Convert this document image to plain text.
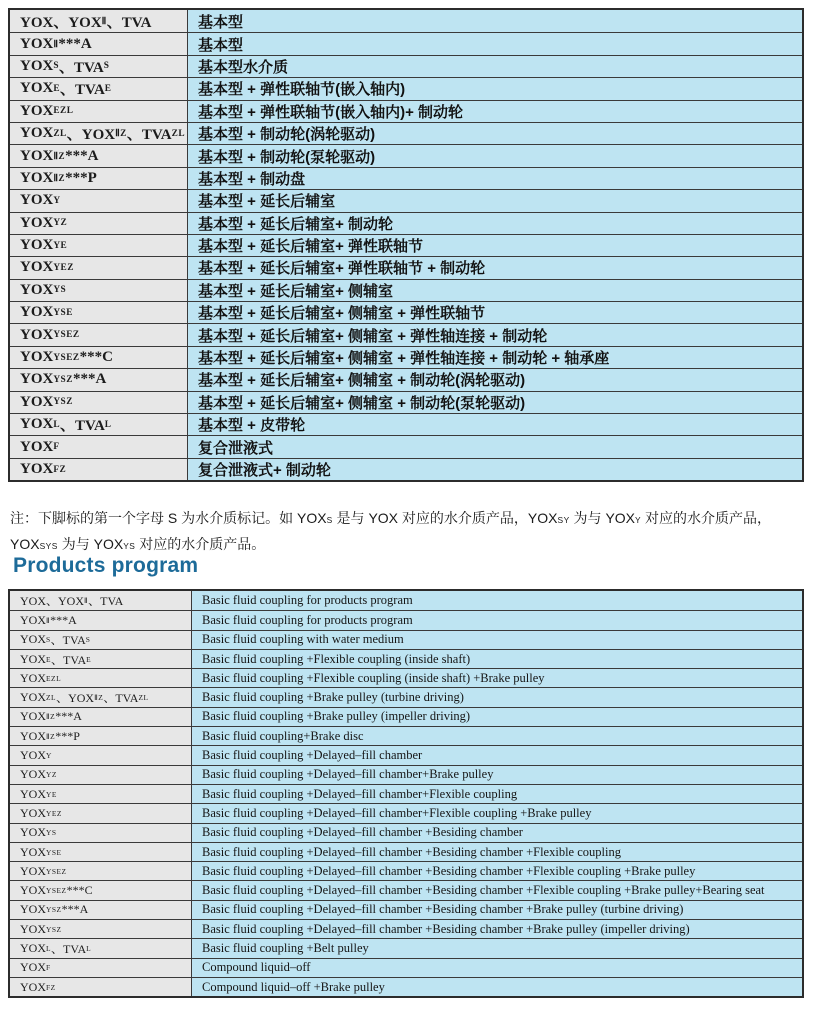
YOX、YOX Ⅱ 、TVA	基本型
YOX Ⅱ ***A	基本型
YOX S 、TVA S	基本型水介质
YOX E 、TVA E	基本型 + 弹性联轴节(嵌入轴内)
YOX EZL	基本型 + 弹性联轴节(嵌入轴内)+ 制动轮
YOX ZL 、YOX ⅡZ 、TVA ZL 基本型 + 制动轮(涡轮驱动)
YOX ⅡZ ***A	基本型 + 制动轮(泵轮驱动)
YOX ⅡZ ***P	基本型 + 制动盘
YOX Y	基本型 + 延长后辅室
YOX YZ	基本型 + 延长后辅室+ 制动轮
YOX YE	基本型 + 延长后辅室+ 弹性联轴节
YOX YEZ	基本型 + 延长后辅室+ 弹性联轴节 + 制动轮
YOX YS	基本型 + 延长后辅室+ 侧辅室
YOX YSE	基本型 + 延长后辅室+ 侧辅室 + 弹性联轴节
YOX YSEZ	基本型 + 延长后辅室+ 侧辅室 + 弹性轴连接 + 制动轮
YOX YSEZ ***C	基本型 + 延长后辅室+ 侧辅室 + 弹性轴连接 + 制动轮 + 轴承座
YOX YSZ ***A	基本型 + 延长后辅室+ 侧辅室 + 制动轮(涡轮驱动)
YOX YSZ	基本型 + 延长后辅室+ 侧辅室 + 制动轮(泵轮驱动)
YOX L 、TVA L	基本型 + 皮带轮
YOX F	复合泄液式
YOX FZ	复合泄液式+ 制动轮
注：下脚标的第一个字母 S 为水介质标记。如 YOXS 是与 YOX 对应的水介质产品，YOXSY 为与 YOXY 对应的水介质产品，
YOXSYS 为与 YOXYS 对应的水介质产品。
Products program
YOX、YOX Ⅱ 、TVA	Basic fluid coupling for products program
YOX Ⅱ ***A	Basic fluid coupling for products program
YOX S 、TVA S	Basic fluid coupling with water medium
YOX E 、TVA E	Basic fluid coupling +Flexible coupling (inside shaft)
YOX EZL	Basic fluid coupling +Flexible coupling (inside shaft) +Brake pulley
YOX ZL 、YOX ⅡZ 、TVA ZL	Basic fluid coupling +Brake pulley (turbine driving)
YOX ⅡZ ***A	Basic fluid coupling +Brake pulley (impeller driving)
YOX ⅡZ ***P	Basic fluid coupling+Brake disc
YOX Y	Basic fluid coupling +Delayed–fill chamber
YOX YZ	Basic fluid coupling +Delayed–fill chamber+Brake pulley
YOX YE	Basic fluid coupling +Delayed–fill chamber+Flexible coupling
YOX YEZ	Basic fluid coupling +Delayed–fill chamber+Flexible coupling +Brake pulley
YOX YS	Basic fluid coupling +Delayed–fill chamber +Besiding chamber
YOX YSE	Basic fluid coupling +Delayed–fill chamber +Besiding chamber +Flexible coupling
YOX YSEZ	Basic fluid coupling +Delayed–fill chamber +Besiding chamber +Flexible coupling +Brake pulley
YOX YSEZ ***C	Basic fluid coupling +Delayed–fill chamber +Besiding chamber +Flexible coupling +Brake pulley+Bearing seat
YOX YSZ ***A	Basic fluid coupling +Delayed–fill chamber +Besiding chamber +Brake pulley (turbine driving)
YOX YSZ	Basic fluid coupling +Delayed–fill chamber +Besiding chamber +Brake pulley (impeller driving)
YOX L 、TVA L	Basic fluid coupling +Belt pulley
YOX F	Compound liquid–off
YOX FZ	Compound liquid–off +Brake pulley
